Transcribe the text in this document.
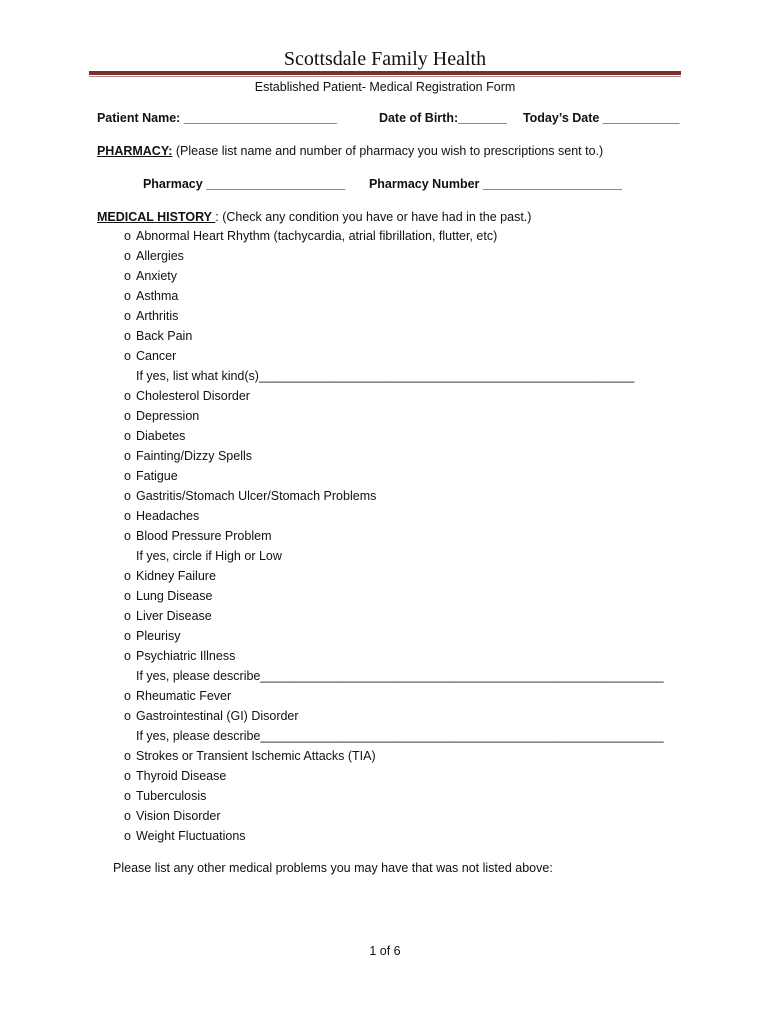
Scottsdale Family Health
Established Patient- Medical Registration Form

Patient Name: ______________________	Date of Birth:_______	Today’s Date ___________

PHARMACY: (Please list name and number of pharmacy you wish to prescriptions sent to.)

Pharmacy ____________________	Pharmacy Number ____________________

MEDICAL HISTORY : (Check any condition you have or have had in the past.)

o Abnormal Heart Rhythm (tachycardia, atrial fibrillation, flutter, etc)
o Allergies
o Anxiety
o Asthma
o Arthritis
o Back Pain
o Cancer
If yes, list what kind(s)______________________________________________________
o Cholesterol Disorder
o Depression
o Diabetes
o Fainting/Dizzy Spells
o Fatigue
o Gastritis/Stomach Ulcer/Stomach Problems
o Headaches
o Blood Pressure Problem
If yes, circle if High or Low
o Kidney Failure
o Lung Disease
o Liver Disease
o Pleurisy
o Psychiatric Illness
If yes, please describe__________________________________________________________
o Rheumatic Fever
o Gastrointestinal (GI) Disorder
If yes, please describe__________________________________________________________
o Strokes or Transient Ischemic Attacks (TIA)
o Thyroid Disease
o Tuberculosis
o Vision Disorder
o Weight Fluctuations
Please list any other medical problems you may have that was not listed above:
1 of 6
